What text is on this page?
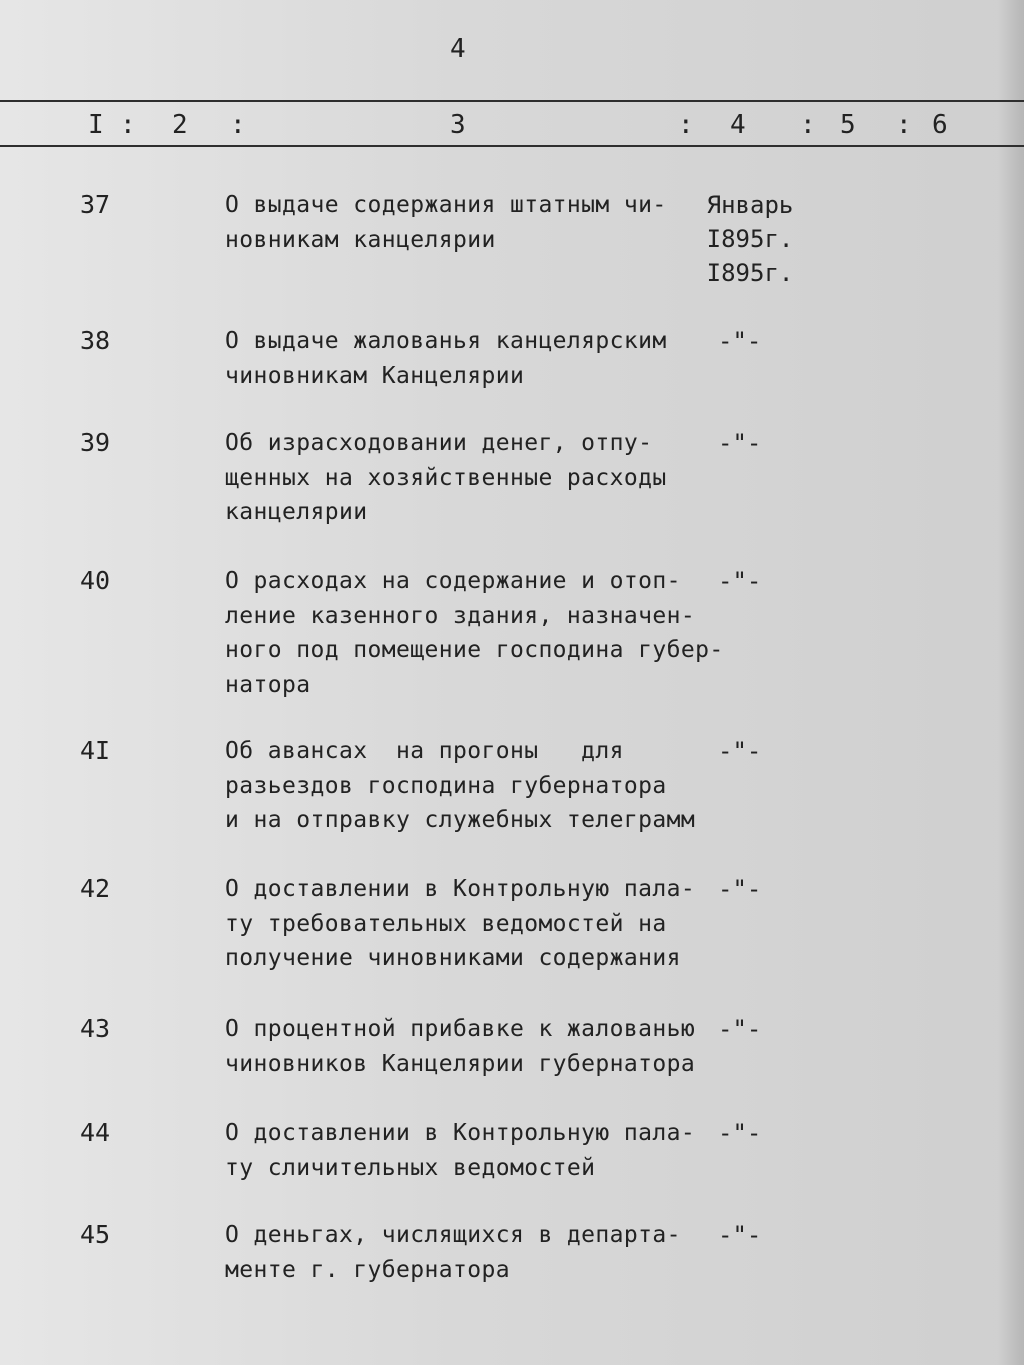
4
I : 2 :	3	: 4 : 5 : 6
37	О выдаче содержания штатным чи-
новникам канцелярии
Январь
I895г.
I895г.
38	О выдаче жалованья канцелярским
чиновникам Канцелярии
-"-
39	Об израсходовании денег, отпу-
щенных на хозяйственные расходы
канцелярии
-"-
40	О расходах на содержание и отоп-
ление казенного здания, назначен-
ного под помещение господина губер-
натора
-"-
4I	Об авансах  на прогоны   для
разьездов господина губернатора
и на отправку служебных телеграмм
-"-
42	О доставлении в Контрольную пала-
ту требовательных ведомостей на
получение чиновниками содержания
-"-
43	О процентной прибавке к жалованью
чиновников Канцелярии губернатора
-"-
44	О доставлении в Контрольную пала-
ту сличительных ведомостей
-"-
45	О деньгах, числящихся в департа-
менте г. губернатора
-"-
